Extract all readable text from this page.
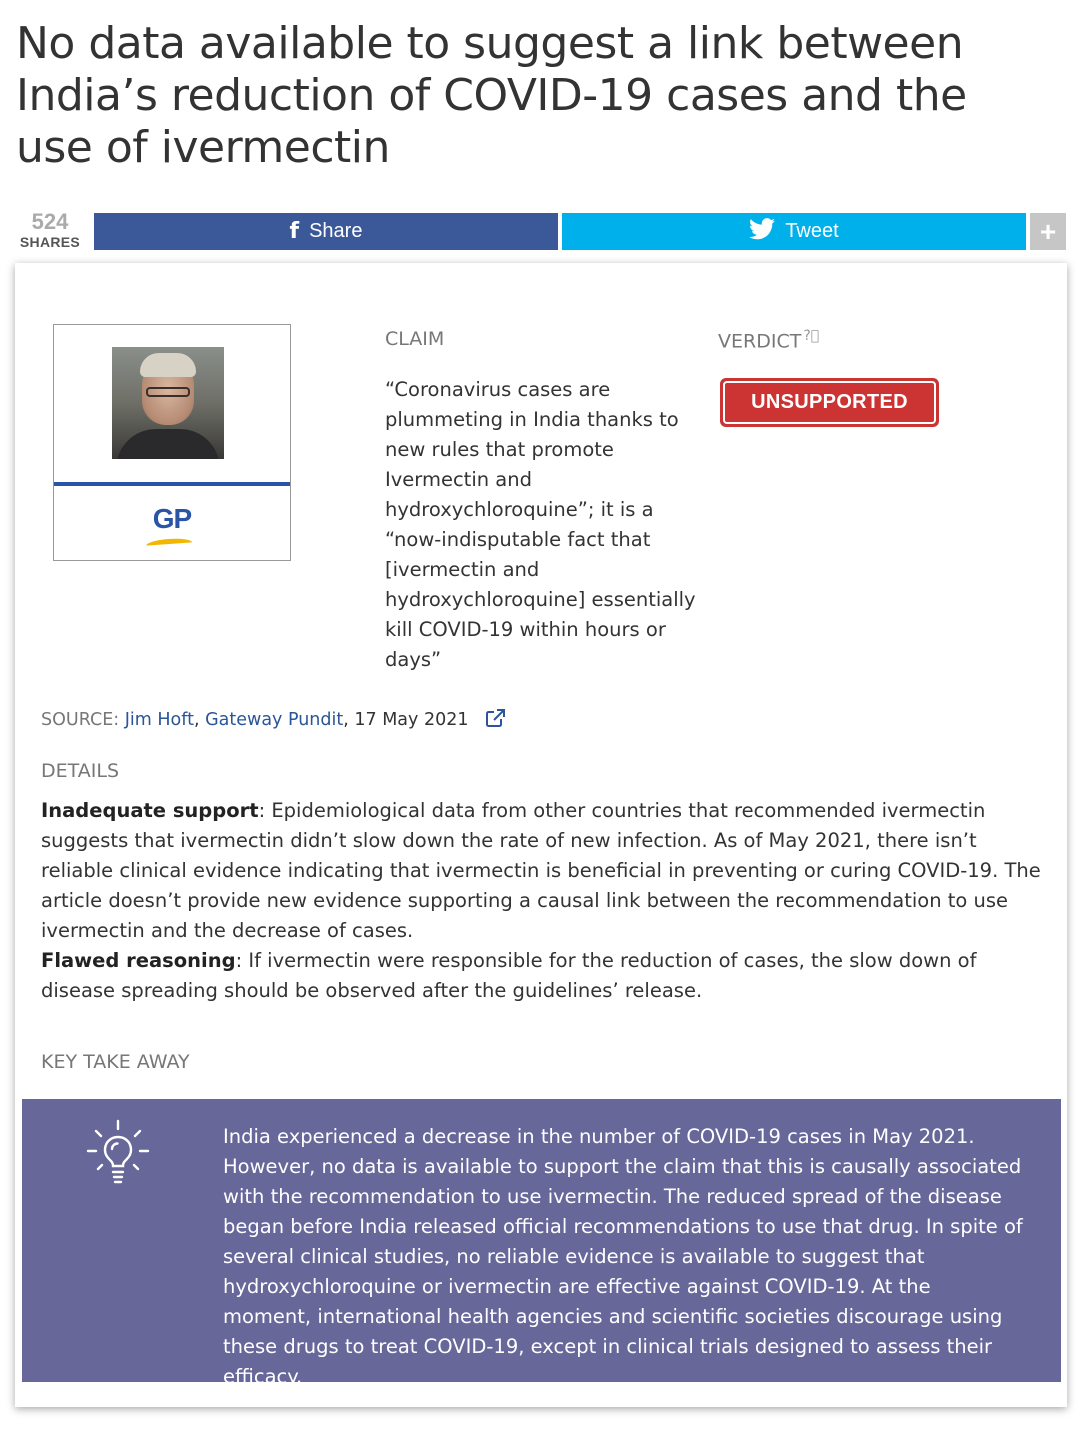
No data available to suggest a link between India’s reduction of COVID-19 cases and the use of ivermectin
524
SHARES	f Share	Tweet	+
GP
CLAIM
“Coronavirus cases are plummeting in India thanks to new rules that promote Ivermectin and hydroxychloroquine”; it is a “now-indisputable fact that [ivermectin and hydroxychloroquine] essentially kill COVID-19 within hours or days”
VERDICT ?⃝
UNSUPPORTED
SOURCE: Jim Hoft, Gateway Pundit, 17 May 2021
DETAILS
Inadequate support: Epidemiological data from other countries that recommended ivermectin suggests that ivermectin didn’t slow down the rate of new infection. As of May 2021, there isn’t reliable clinical evidence indicating that ivermectin is beneficial in preventing or curing COVID-19. The article doesn’t provide new evidence supporting a causal link between the recommendation to use ivermectin and the decrease of cases.
Flawed reasoning: If ivermectin were responsible for the reduction of cases, the slow down of disease spreading should be observed after the guidelines’ release.
KEY TAKE AWAY
India experienced a decrease in the number of COVID-19 cases in May 2021. However, no data is available to support the claim that this is causally associated with the recommendation to use ivermectin. The reduced spread of the disease began before India released official recommendations to use that drug. In spite of several clinical studies, no reliable evidence is available to suggest that hydroxychloroquine or ivermectin are effective against COVID-19. At the moment, international health agencies and scientific societies discourage using these drugs to treat COVID-19, except in clinical trials designed to assess their efficacy.
